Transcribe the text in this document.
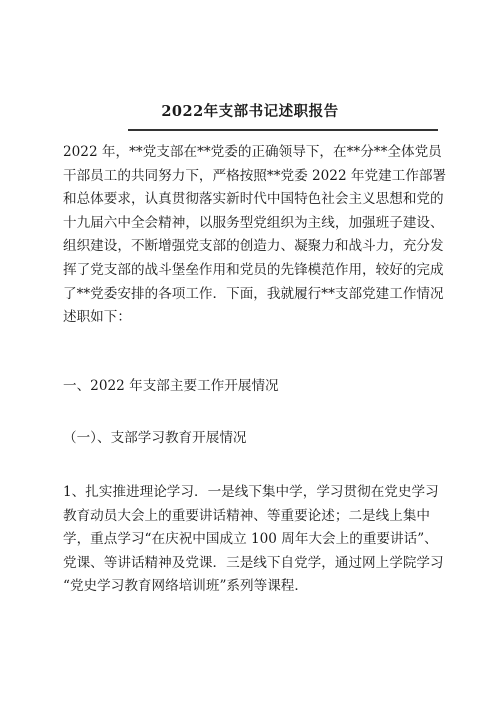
2022年支部书记述职报告
2022 年，**党支部在**党委的正确领导下，在**分**全体党员
干部员工的共同努力下，严格按照**党委 2022 年党建工作部署
和总体要求，认真贯彻落实新时代中国特色社会主义思想和党的
十九届六中全会精神，以服务型党组织为主线，加强班子建设、
组织建设，不断增强党支部的创造力、凝聚力和战斗力，充分发
挥了党支部的战斗堡垒作用和党员的先锋模范作用，较好的完成
了**党委安排的各项工作．下面，我就履行**支部党建工作情况
述职如下：
一、2022 年支部主要工作开展情况
（一）、支部学习教育开展情况
1、扎实推进理论学习．一是线下集中学，学习贯彻在党史学习
教育动员大会上的重要讲话精神、等重要论述；二是线上集中
学，重点学习“在庆祝中国成立 100 周年大会上的重要讲话”、
党课、等讲话精神及党课．三是线下自党学，通过网上学院学习
“党史学习教育网络培训班”系列等课程．
